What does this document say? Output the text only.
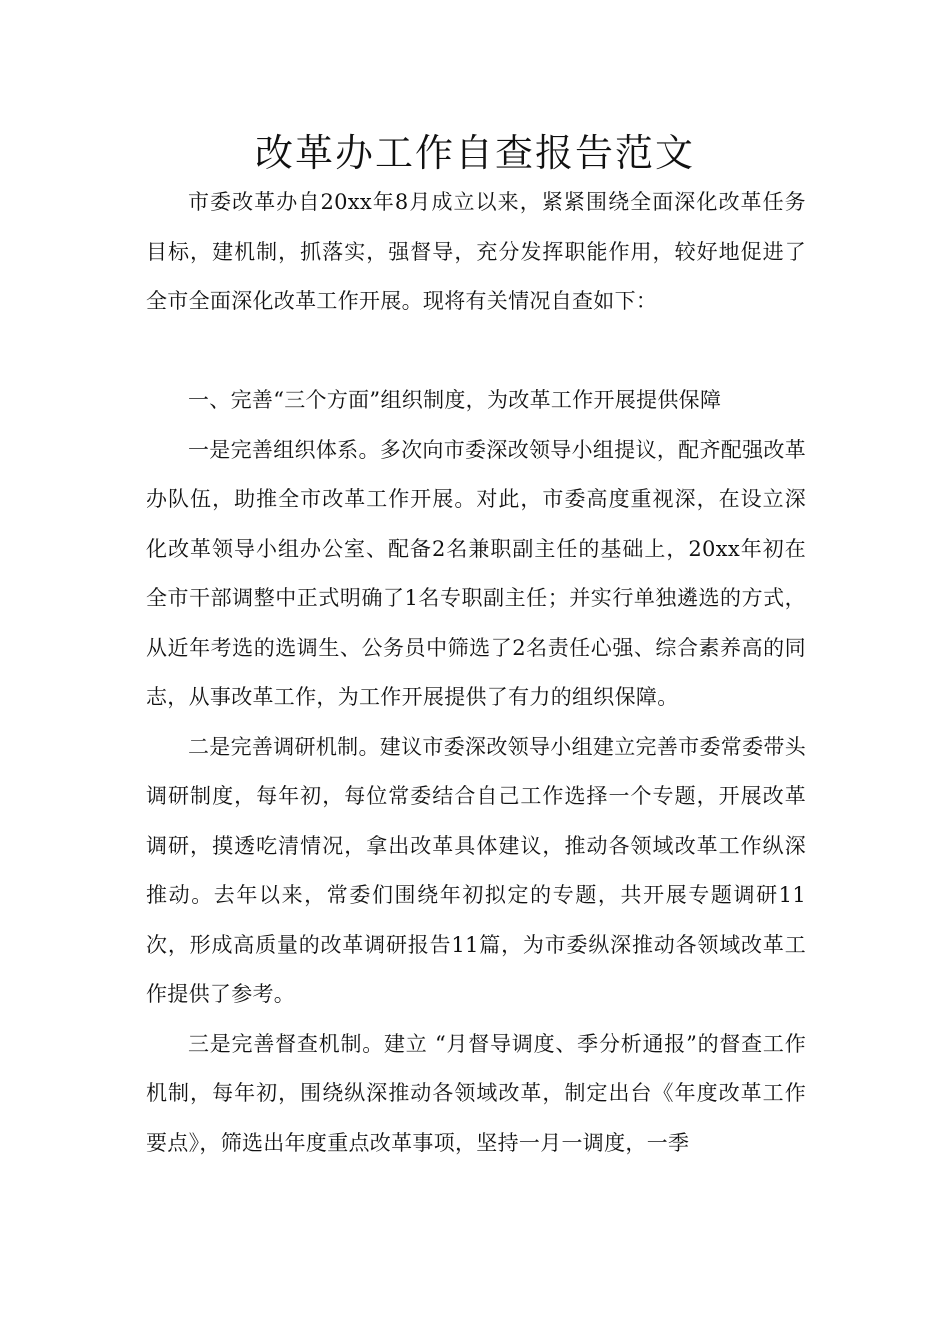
改革办工作自查报告范文

市委改革办自20xx年8月成立以来，紧紧围绕全面深化改革任务目标，建机制，抓落实，强督导，充分发挥职能作用，较好地促进了全市全面深化改革工作开展。现将有关情况自查如下：

一、完善“三个方面”组织制度，为改革工作开展提供保障

一是完善组织体系。多次向市委深改领导小组提议，配齐配强改革办队伍，助推全市改革工作开展。对此，市委高度重视深，在设立深化改革领导小组办公室、配备2名兼职副主任的基础上，20xx年初在全市干部调整中正式明确了1名专职副主任；并实行单独遴选的方式，从近年考选的选调生、公务员中筛选了2名责任心强、综合素养高的同志，从事改革工作，为工作开展提供了有力的组织保障。

二是完善调研机制。建议市委深改领导小组建立完善市委常委带头调研制度，每年初，每位常委结合自己工作选择一个专题，开展改革调研，摸透吃清情况，拿出改革具体建议，推动各领域改革工作纵深推动。去年以来，常委们围绕年初拟定的专题，共开展专题调研11次，形成高质量的改革调研报告11篇，为市委纵深推动各领域改革工作提供了参考。

三是完善督查机制。建立 “月督导调度、季分析通报”的督查工作机制，每年初，围绕纵深推动各领域改革，制定出台《年度改革工作要点》，筛选出年度重点改革事项，坚持一月一调度，一季
